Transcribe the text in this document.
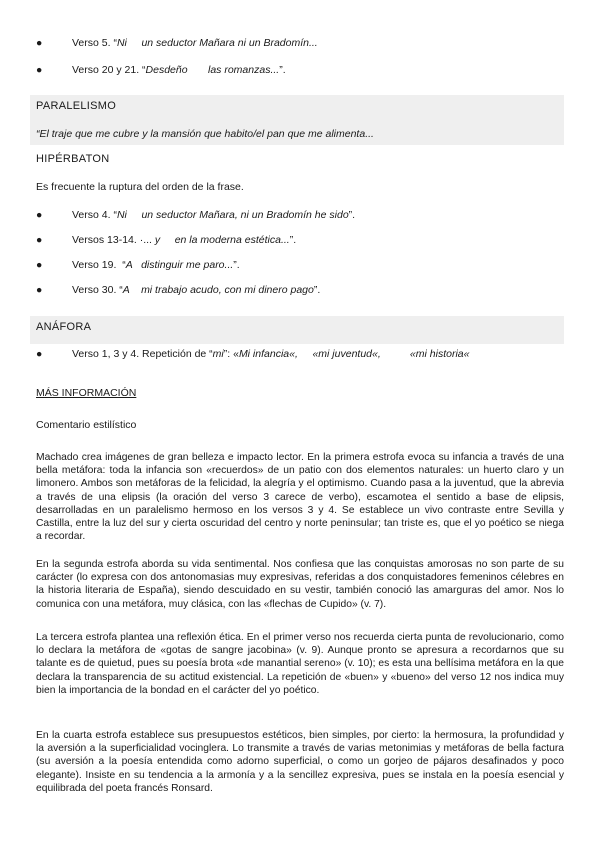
●	Verso 5. “Ni     un seductor Mañara ni un Bradomín...
●	Verso 20 y 21. “Desdeño       las romanzas...”.
PARALELISMO
“El traje que me cubre y la mansión que habito/el pan que me alimenta...
HIPÉRBATON
Es frecuente la ruptura del orden de la frase.
●	Verso 4. “Ni     un seductor Mañara, ni un Bradomín he sido”.
●	Versos 13-14. ·... y     en la moderna estética...”.
●	Verso 19.  “A   distinguir me paro...”.
●	Verso 30. “A    mi trabajo acudo, con mi dinero pago”.
ANÁFORA
●	Verso 1, 3 y 4. Repetición de “mi”: «Mi infancia«,     «mi juventud«,          «mi historia«
MÁS INFORMACIÓN
Comentario estilístico
Machado crea imágenes de gran belleza e impacto lector. En la primera estrofa evoca su infancia a través de una bella metáfora: toda la infancia son «recuerdos» de un patio con dos elementos naturales: un huerto claro y un limonero. Ambos son metáforas de la felicidad, la alegría y el optimismo. Cuando pasa a la juventud, que la abrevia a través de una elipsis (la oración del verso 3 carece de verbo), escamotea el sentido a base de elipsis, desarrolladas en un paralelismo hermoso en los versos 3 y 4. Se establece un vivo contraste entre Sevilla y Castilla, entre la luz del sur y cierta oscuridad del centro y norte peninsular; tan triste es, que el yo poético se niega a recordar.
En la segunda estrofa aborda su vida sentimental. Nos confiesa que las conquistas amorosas no son parte de su carácter (lo expresa con dos antonomasias muy expresivas, referidas a dos conquistadores femeninos célebres en la historia literaria de España), siendo descuidado en su vestir, también conoció las amarguras del amor. Nos lo comunica con una metáfora, muy clásica, con las «flechas de Cupido» (v. 7).
La tercera estrofa plantea una reflexión ética. En el primer verso nos recuerda cierta punta de revolucionario, como lo declara la metáfora de «gotas de sangre jacobina» (v. 9). Aunque pronto se apresura a recordarnos que su talante es de quietud, pues su poesía brota «de manantial sereno» (v. 10); es esta una bellísima metáfora en la que declara la transparencia de su actitud existencial. La repetición de «buen» y «bueno» del verso 12 nos indica muy bien la importancia de la bondad en el carácter del yo poético.
En la cuarta estrofa establece sus presupuestos estéticos, bien simples, por cierto: la hermosura, la profundidad y la aversión a la superficialidad vocinglera. Lo transmite a través de varias metonimias y metáforas de bella factura (su aversión a la poesía entendida como adorno superficial, o como un gorjeo de pájaros desafinados y poco elegante). Insiste en su tendencia a la armonía y a la sencillez expresiva, pues se instala en la poesía esencial y equilibrada del poeta francés Ronsard.
